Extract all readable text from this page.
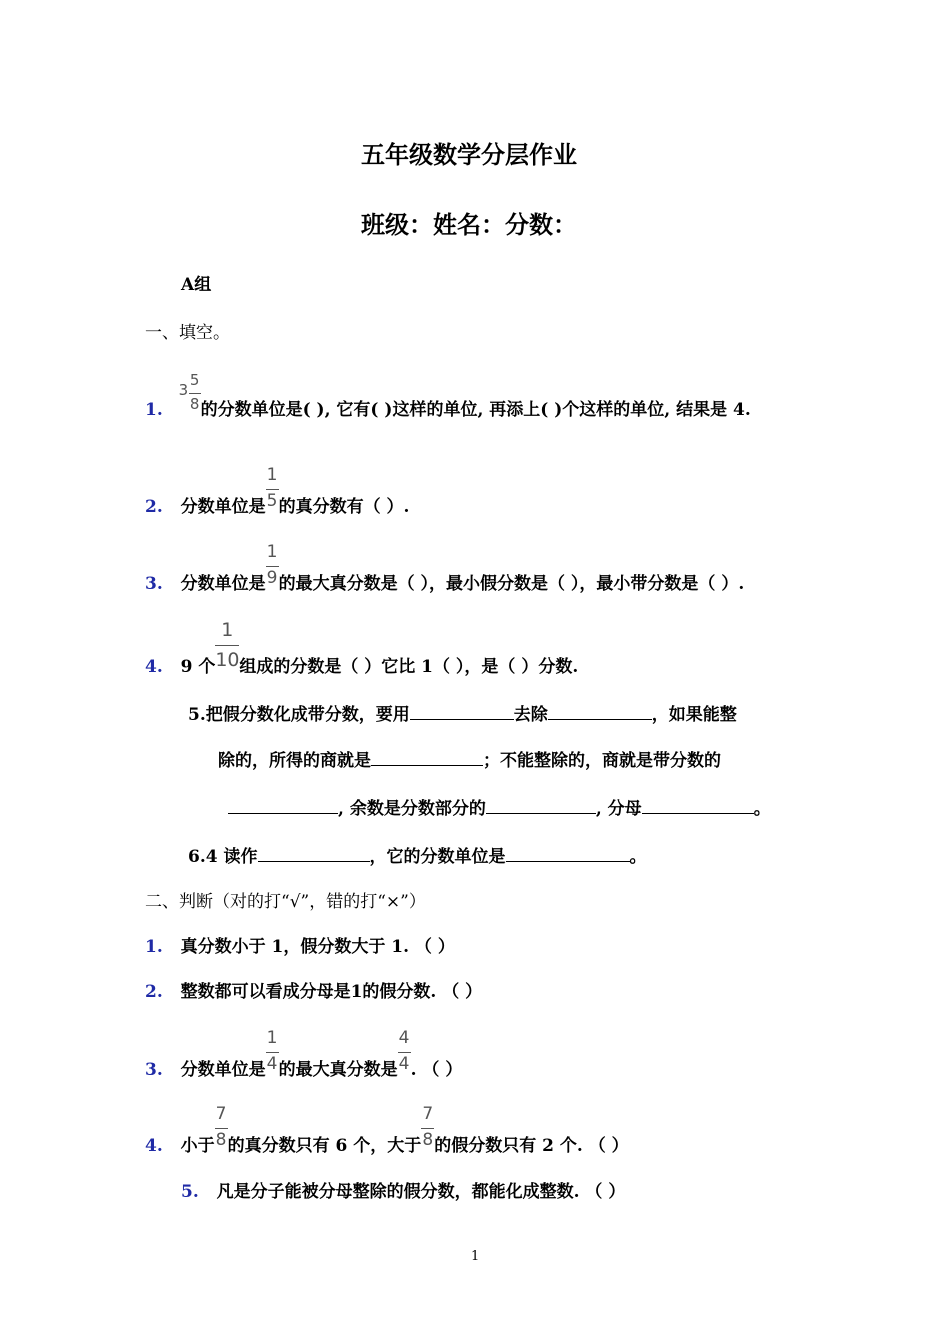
五年级数学分层作业
班级：姓名：分数：
A组
一、填空。
1.
3
5
8 的分数单位是( ), 它有( )这样的单位, 再添上( )个这样的单位, 结果是 4.
2. 分数单位是 $\frac{1}{5}$ 的真分数有（ ）.
3. 分数单位是 $\frac{1}{9}$ 的最大真分数是（ ），最小假分数是（ ），最小带分数是（ ）.
4. 9 个 $\frac{1}{10}$ 组成的分数是（ ）它比 1（ ），是（ ）分数.
5.把假分数化成带分数，要用	去除	，如果能整
除的，所得的商就是	；不能整除的，商就是带分数的
, 余数是分数部分的	, 分母	。
6.4 读作	，它的分数单位是	。
二、判断（对的打“√”，错的打“×”）
1. 真分数小于 1，假分数大于 1. （ ）
2. 整数都可以看成分母是1的假分数. （ ）
3. 分数单位是 $\frac{1}{4}$ 的最大真分数是 $\frac{4}{4}$ . （ ）
4. 小于 $\frac{7}{8}$ 的真分数只有 6 个，大于 $\frac{7}{8}$ 的假分数只有 2 个. （ ）
5. 凡是分子能被分母整除的假分数，都能化成整数. （ ）
1
